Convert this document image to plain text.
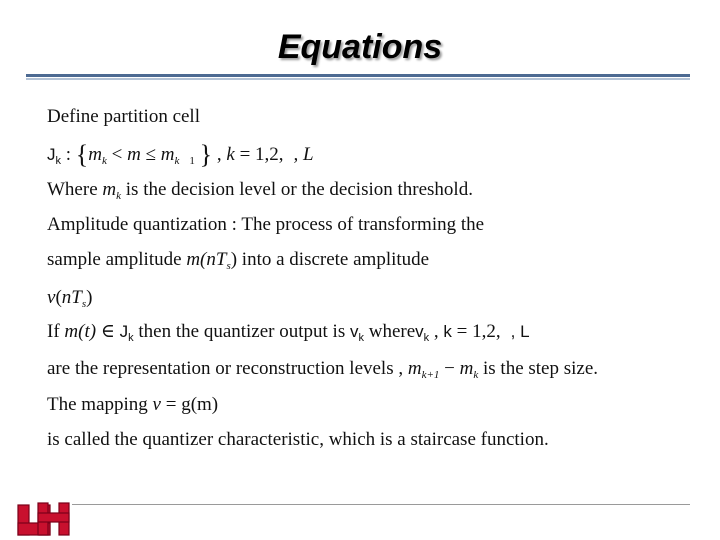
Equations
Define partition cell
$J_k$ : {$m_k < m \le m_k$ $_1$ } , k = 1,2, , L
Where $m_k$ is the decision level or the decision threshold.
Amplitude quantization : The process of transforming the
sample amplitude $m(nT_s)$ into a discrete amplitude
$\nu(nT_s)$
If m(t) ∈ $J_k$ then the quantizer output is $v_k$ wherev$_k$ , k = 1,2, , L
are the representation or reconstruction levels , $m_{k+1} - m_k$ is the step size.
The mapping ν = g(m)
is called the quantizer characteristic, which is a staircase function.
